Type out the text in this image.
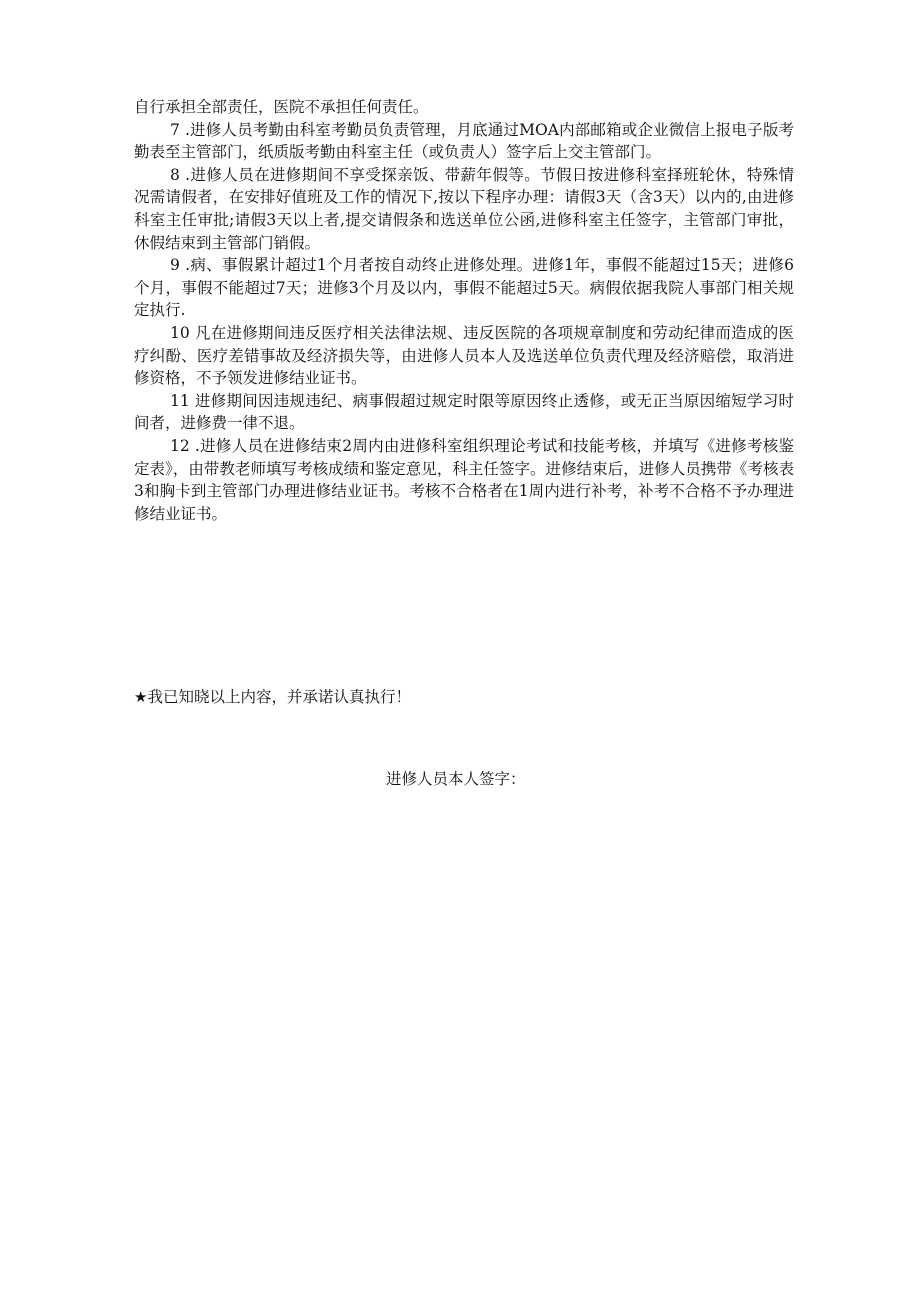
自行承担全部责任，医院不承担任何责任。

7 .进修人员考勤由科室考勤员负责管理，月底通过MOA内部邮箱或企业微信上报电子版考勤表至主管部门，纸质版考勤由科室主任（或负责人）签字后上交主管部门。

8 .进修人员在进修期间不享受探亲饭、带薪年假等。节假日按进修科室择班轮休，特殊情况需请假者，在安排好值班及工作的情况下,按以下程序办理：请假3天（含3天）以内的,由进修科室主任审批;请假3天以上者,提交请假条和选送单位公函,进修科室主任签字，主管部门审批，休假结束到主管部门销假。

9 .病、事假累计超过1个月者按自动终止进修处理。进修1年，事假不能超过15天；进修6个月，事假不能超过7天；进修3个月及以内，事假不能超过5天。病假依据我院人事部门相关规定执行.

10 凡在进修期间违反医疗相关法律法规、违反医院的各项规章制度和劳动纪律而造成的医疗纠酚、医疗差错事故及经济损失等，由进修人员本人及选送单位负责代理及经济赔偿，取消进修资格，不予领发进修结业证书。

11 进修期间因违规违纪、病事假超过规定时限等原因终止透修，或无正当原因缩短学习时间者，进修费一律不退。

12 .进修人员在进修结束2周内由进修科室组织理论考试和技能考核，并填写《进修考核鉴定表》，由带教老师填写考核成绩和鉴定意见，科主任签字。进修结束后，进修人员携带《考核表3和胸卡到主管部门办理进修结业证书。考核不合格者在1周内进行补考，补考不合格不予办理进修结业证书。

★我已知晓以上内容，并承诺认真执行！

进修人员本人签字：
